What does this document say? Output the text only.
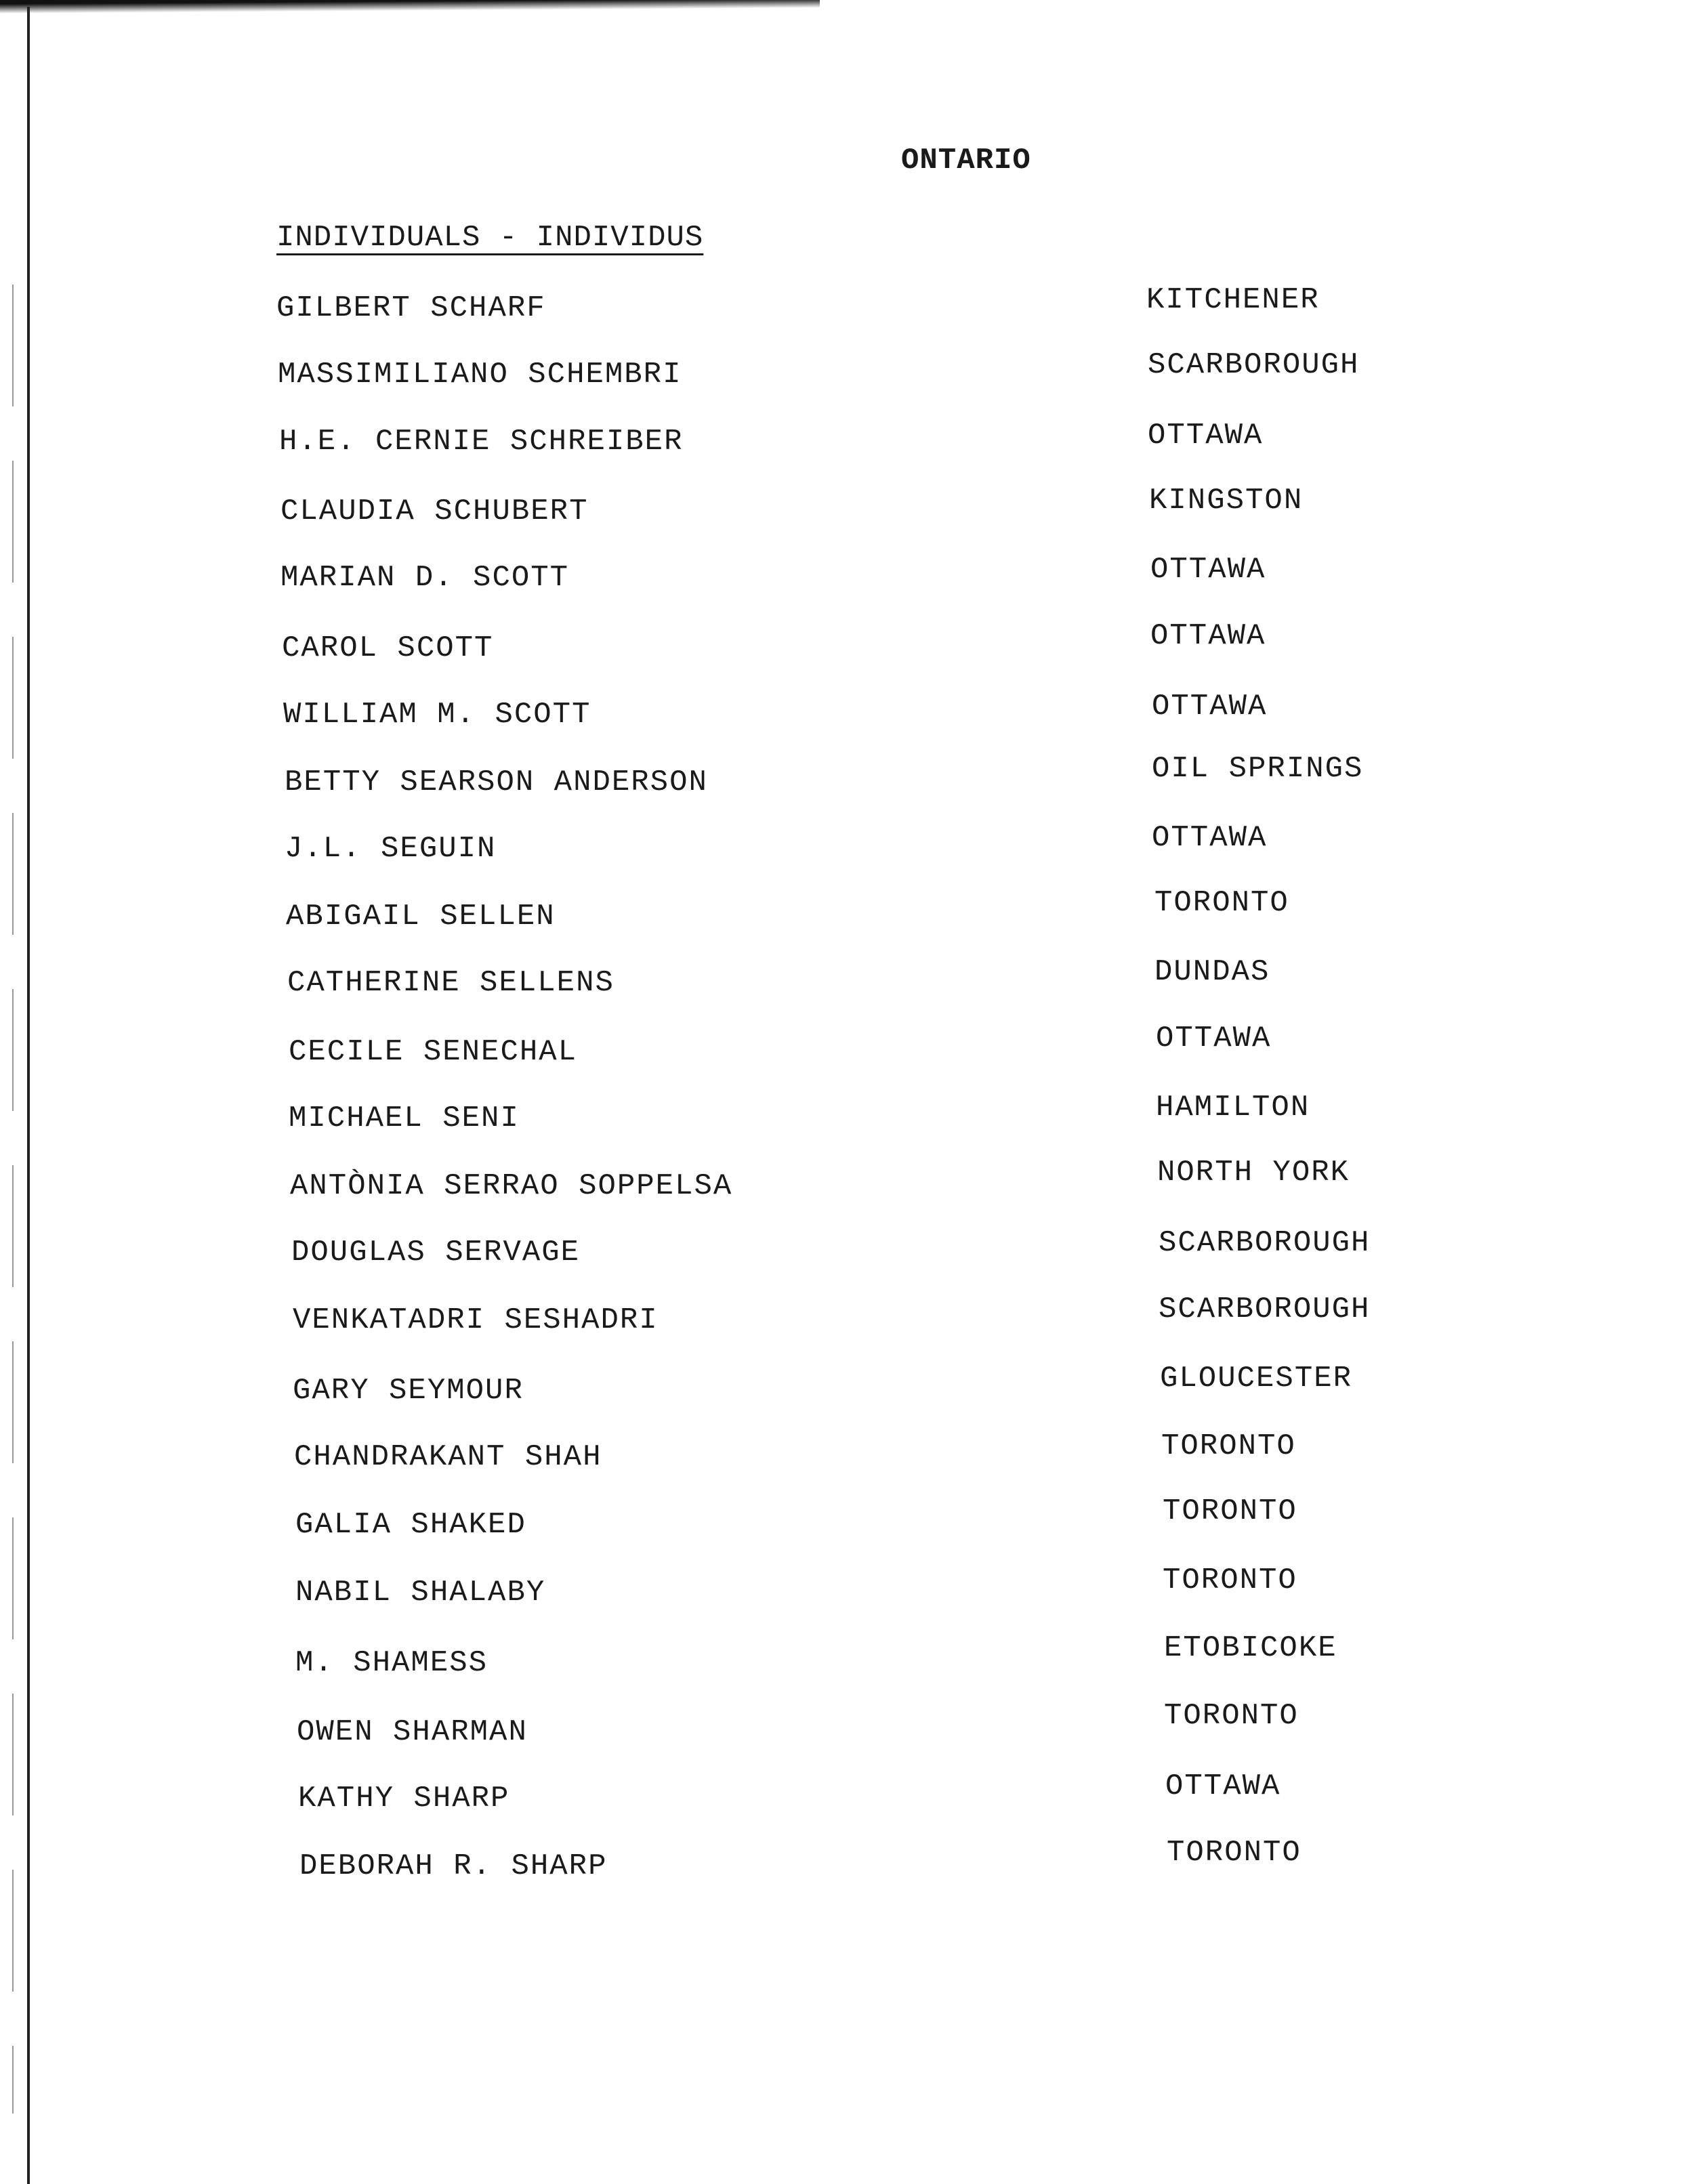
ONTARIO
INDIVIDUALS - INDIVIDUS
GILBERT SCHARF	KITCHENER
MASSIMILIANO SCHEMBRI	SCARBOROUGH
H.E. CERNIE SCHREIBER	OTTAWA
CLAUDIA SCHUBERT	KINGSTON
MARIAN D. SCOTT	OTTAWA
CAROL SCOTT	OTTAWA
WILLIAM M. SCOTT	OTTAWA
BETTY SEARSON ANDERSON	OIL SPRINGS
J.L. SEGUIN	OTTAWA
ABIGAIL SELLEN	TORONTO
CATHERINE SELLENS	DUNDAS
CECILE SENECHAL	OTTAWA
MICHAEL SENI	HAMILTON
ANTÒNIA SERRAO SOPPELSA	NORTH YORK
DOUGLAS SERVAGE	SCARBOROUGH
VENKATADRI SESHADRI	SCARBOROUGH
GARY SEYMOUR	GLOUCESTER
CHANDRAKANT SHAH	TORONTO
GALIA SHAKED	TORONTO
NABIL SHALABY	TORONTO
M. SHAMESS	ETOBICOKE
OWEN SHARMAN	TORONTO
KATHY SHARP	OTTAWA
DEBORAH R. SHARP	TORONTO
